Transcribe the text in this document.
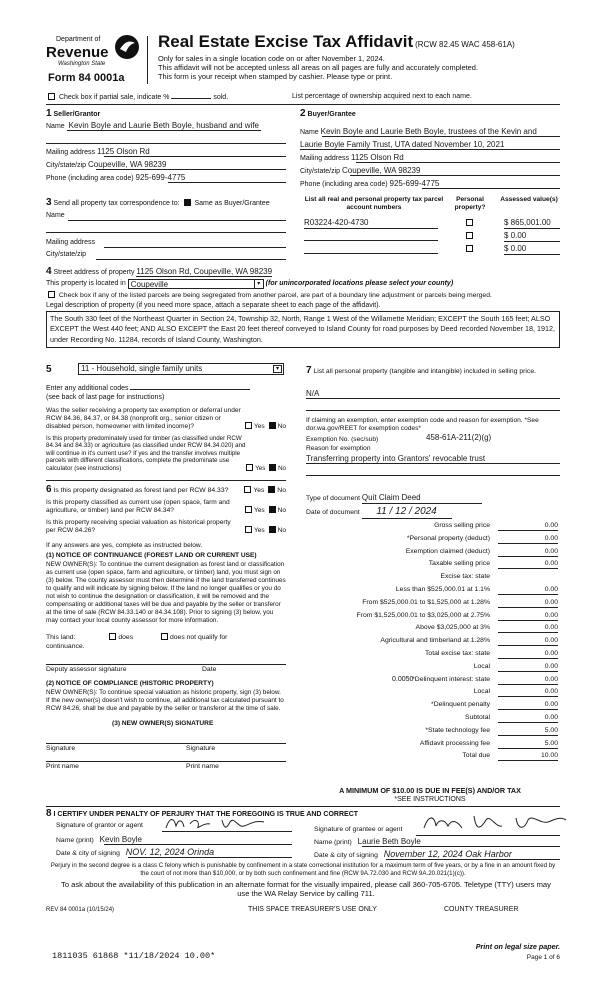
Department of
Revenue
Washington State
Form 84 0001a
Real Estate Excise Tax Affidavit (RCW 82.45 WAC 458-61A)
Only for sales in a single location code on or after November 1, 2024.
This affidavit will not be accepted unless all areas on all pages are fully and accurately completed.
This form is your receipt when stamped by cashier. Please type or print.
Check box if partial sale, indicate %	sold.	List percentage of ownership acquired next to each name.
1 Seller/Grantor
Name Kevin Boyle and Laurie Beth Boyle, husband and wife
Mailing address 1125 Olson Rd
City/state/zip Coupeville, WA 98239
Phone (including area code) 925-699-4775
2 Buyer/Grantee
Name Kevin Boyle and Laurie Beth Boyle, trustees of the Kevin and
Laurie Boyle Family Trust, UTA dated November 10, 2021
Mailing address 1125 Olson Rd
City/state/zip Coupeville, WA 98239
Phone (including area code) 925-699-4775
3 Send all property tax correspondence to: Same as Buyer/Grantee
Name
Mailing address
City/state/zip
List all real and personal property tax parcel account numbers
Personal property?
Assessed value(s)
R03224-420-4730	$ 865,001.00
$ 0.00
$ 0.00
4 Street address of property 1125 Olson Rd, Coupeville, WA 98239
This property is located in Coupeville	▾ (for unincorporated locations please select your county)
Check box if any of the listed parcels are being segregated from another parcel, are part of a boundary line adjustment or parcels being merged.
Legal description of property (if you need more space, attach a separate sheet to each page of the affidavit).
The South 330 feet of the Northeast Quarter in Section 24, Township 32, North, Range 1 West of the Willamette Meridian; EXCEPT the South 165 feet; ALSO EXCEPT the West 440 feet; AND ALSO EXCEPT the East 20 feet thereof conveyed to Island County for road purposes by Deed recorded November 18, 1912, under Recording No. 11284, records of Island County, Washington.
5	11 - Household, single family units	▾
Enter any additional codes
(see back of last page for instructions)
Was the seller receiving a property tax exemption or deferral under RCW 84.36, 84.37, or 84.38 (nonprofit org., senior citizen or disabled person, homeowner with limited income)?	Yes No
Is this property predominately used for timber (as classified under RCW 84.34 and 84.33) or agriculture (as classified under RCW 84.34.020) and will continue in it's current use? If yes and the transfer involves multiple parcels with different classifications, complete the predominate use calculator (see instructions)	Yes No
6 Is this property designated as forest land per RCW 84.33?	Yes No
Is this property classified as current use (open space, farm and agriculture, or timber) land per RCW 84.34?	Yes No
Is this property receiving special valuation as historical property per RCW 84.26?	Yes No
If any answers are yes, complete as instructed below.
(1) NOTICE OF CONTINUANCE (FOREST LAND OR CURRENT USE)
NEW OWNER(S): To continue the current designation as forest land or classification as current use (open space, farm and agriculture, or timber) land, you must sign on (3) below. The county assessor must then determine if the land transferred continues to qualify and will indicate by signing below. If the land no longer qualifies or you do not wish to continue the designation or classification, it will be removed and the compensating or additional taxes will be due and payable by the seller or transferor at the time of sale (RCW 84.33.140 or 84.34.108). Prior to signing (3) below, you may contact your local county assessor for more information.
This land:	does	does not qualify for
continuance.
Deputy assessor signature	Date
(2) NOTICE OF COMPLIANCE (HISTORIC PROPERTY)
NEW OWNER(S): To continue special valuation as historic property, sign (3) below. If the new owner(s) doesn't wish to continue, all additional tax calculated pursuant to RCW 84.26, shall be due and payable by the seller or transferor at the time of sale.
(3) NEW OWNER(S) SIGNATURE
Signature	Signature
Print name	Print name
7 List all personal property (tangible and intangible) included in selling price.
N/A
If claiming an exemption, enter exemption code and reason for exemption. *See dor.wa.gov/REET for exemption codes*
Exemption No. (sec/sub)	458-61A-211(2)(g)
Reason for exemption
Transferring property into Grantors' revocable trust
Type of document Quit Claim Deed
Date of document 11 / 12 / 2024
Gross selling price	0.00
*Personal property (deduct)	0.00
Exemption claimed (deduct)	0.00
Taxable selling price	0.00
Excise tax: state
Less than $525,000.01 at 1.1%	0.00
From $525,000.01 to $1,525,000 at 1.28%	0.00
From $1,525,000.01 to $3,025,000 at 2.75%	0.00
Above $3,025,000 at 3%	0.00
Agricultural and timberland at 1.28%	0.00
Total excise tax: state	0.00
Local	0.00
*Delinquent interest: state	0.00
Local	0.00
*Delinquent penalty	0.00
Subtotal	0.00
*State technology fee	5.00
Affidavit processing fee	5.00
Total due	10.00
0.0050
A MINIMUM OF $10.00 IS DUE IN FEE(S) AND/OR TAX
*SEE INSTRUCTIONS
8 I CERTIFY UNDER PENALTY OF PERJURY THAT THE FOREGOING IS TRUE AND CORRECT
Signature of grantor or agent
Name (print) Kevin Boyle
Date & city of signing NOV. 12, 2024 Orinda
Signature of grantee or agent
Name (print) Laurie Beth Boyle
Date & city of signing November 12, 2024 Oak Harbor
Perjury in the second degree is a class C felony which is punishable by confinement in a state correctional institution for a maximum term of five years, or by a fine in an amount fixed by the court of not more than $10,000, or by both such confinement and fine (RCW 9A.72.030 and RCW 9A.20.021(1)(c)).
To ask about the availability of this publication in an alternate format for the visually impaired, please call 360-705-6705. Teletype (TTY) users may use the WA Relay Service by calling 711.
REV 84 0001a (10/15/24)	THIS SPACE TREASURER'S USE ONLY	COUNTY TREASURER
1811035 61868 *11/18/2024 10.00*
Print on legal size paper.
Page 1 of 6
